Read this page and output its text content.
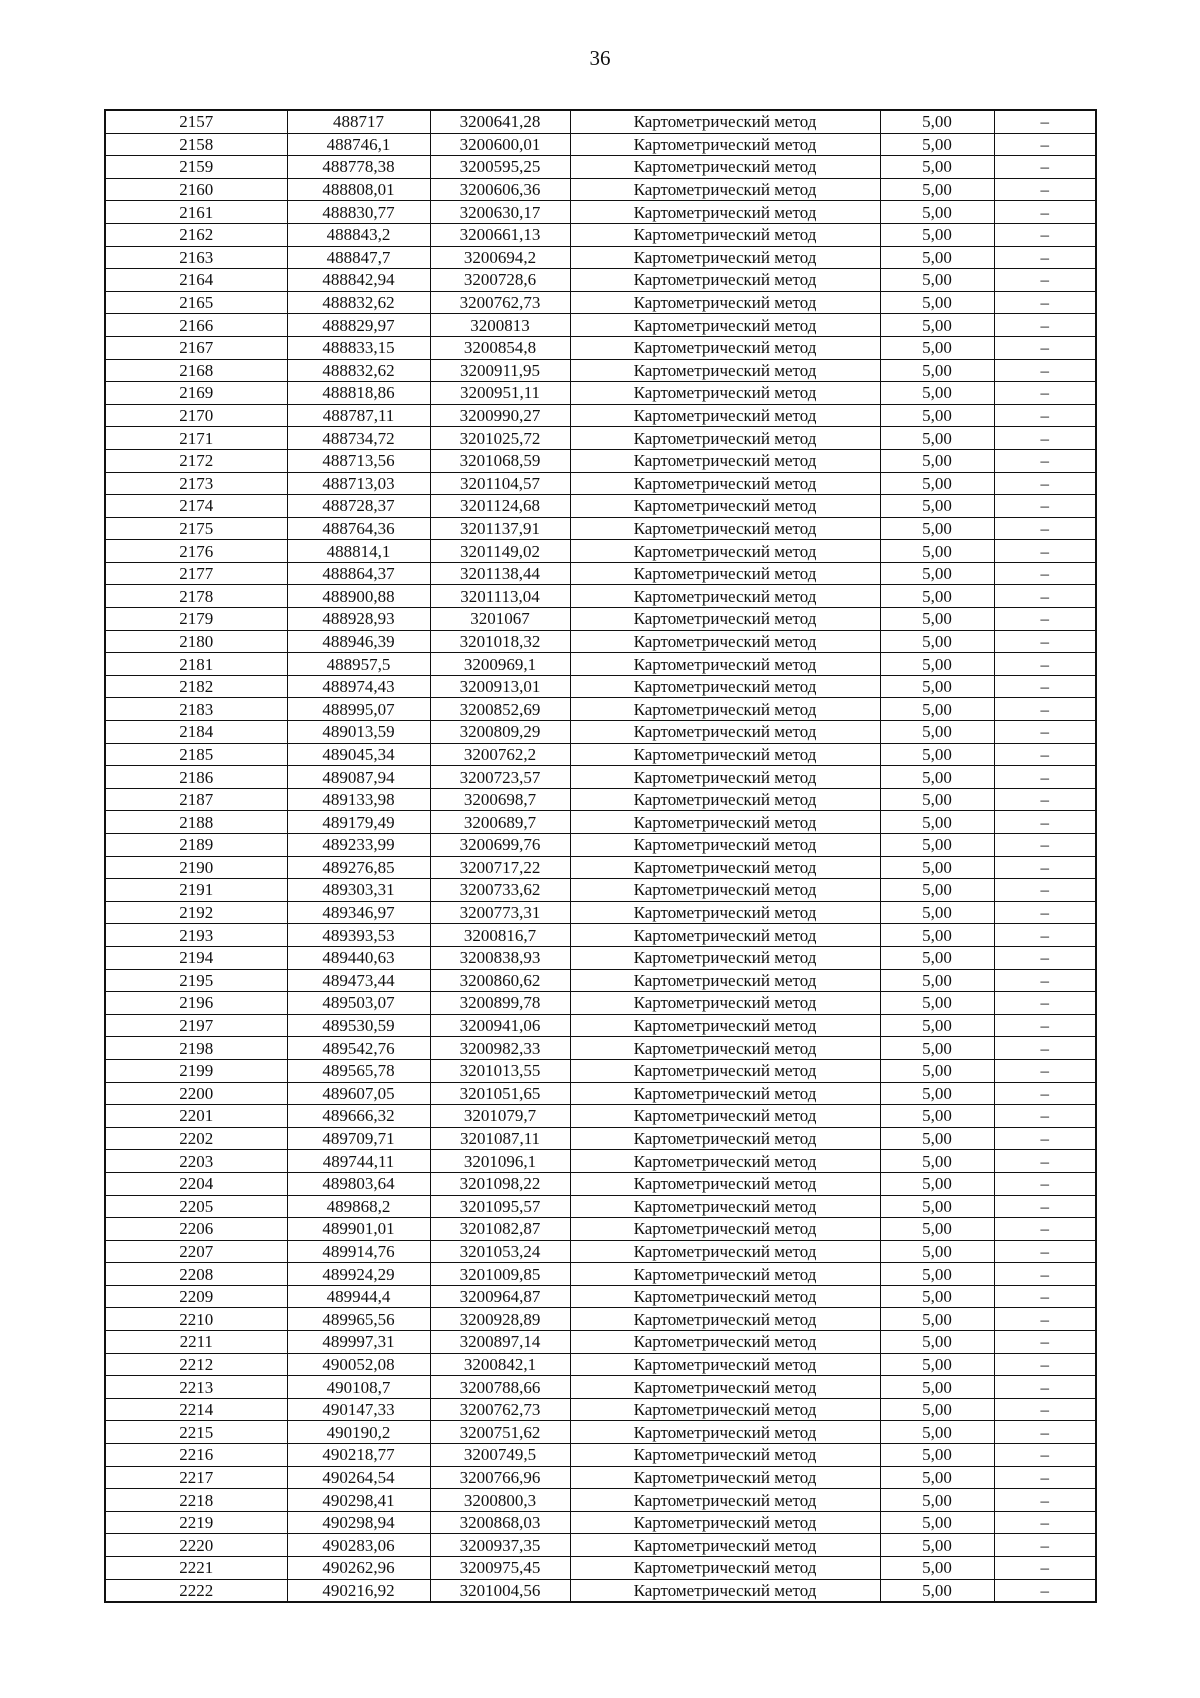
36
2157	488717	3200641,28	Картометрический метод	5,00	–
2158	488746,1	3200600,01	Картометрический метод	5,00	–
2159	488778,38	3200595,25	Картометрический метод	5,00	–
2160	488808,01	3200606,36	Картометрический метод	5,00	–
2161	488830,77	3200630,17	Картометрический метод	5,00	–
2162	488843,2	3200661,13	Картометрический метод	5,00	–
2163	488847,7	3200694,2	Картометрический метод	5,00	–
2164	488842,94	3200728,6	Картометрический метод	5,00	–
2165	488832,62	3200762,73	Картометрический метод	5,00	–
2166	488829,97	3200813	Картометрический метод	5,00	–
2167	488833,15	3200854,8	Картометрический метод	5,00	–
2168	488832,62	3200911,95	Картометрический метод	5,00	–
2169	488818,86	3200951,11	Картометрический метод	5,00	–
2170	488787,11	3200990,27	Картометрический метод	5,00	–
2171	488734,72	3201025,72	Картометрический метод	5,00	–
2172	488713,56	3201068,59	Картометрический метод	5,00	–
2173	488713,03	3201104,57	Картометрический метод	5,00	–
2174	488728,37	3201124,68	Картометрический метод	5,00	–
2175	488764,36	3201137,91	Картометрический метод	5,00	–
2176	488814,1	3201149,02	Картометрический метод	5,00	–
2177	488864,37	3201138,44	Картометрический метод	5,00	–
2178	488900,88	3201113,04	Картометрический метод	5,00	–
2179	488928,93	3201067	Картометрический метод	5,00	–
2180	488946,39	3201018,32	Картометрический метод	5,00	–
2181	488957,5	3200969,1	Картометрический метод	5,00	–
2182	488974,43	3200913,01	Картометрический метод	5,00	–
2183	488995,07	3200852,69	Картометрический метод	5,00	–
2184	489013,59	3200809,29	Картометрический метод	5,00	–
2185	489045,34	3200762,2	Картометрический метод	5,00	–
2186	489087,94	3200723,57	Картометрический метод	5,00	–
2187	489133,98	3200698,7	Картометрический метод	5,00	–
2188	489179,49	3200689,7	Картометрический метод	5,00	–
2189	489233,99	3200699,76	Картометрический метод	5,00	–
2190	489276,85	3200717,22	Картометрический метод	5,00	–
2191	489303,31	3200733,62	Картометрический метод	5,00	–
2192	489346,97	3200773,31	Картометрический метод	5,00	–
2193	489393,53	3200816,7	Картометрический метод	5,00	–
2194	489440,63	3200838,93	Картометрический метод	5,00	–
2195	489473,44	3200860,62	Картометрический метод	5,00	–
2196	489503,07	3200899,78	Картометрический метод	5,00	–
2197	489530,59	3200941,06	Картометрический метод	5,00	–
2198	489542,76	3200982,33	Картометрический метод	5,00	–
2199	489565,78	3201013,55	Картометрический метод	5,00	–
2200	489607,05	3201051,65	Картометрический метод	5,00	–
2201	489666,32	3201079,7	Картометрический метод	5,00	–
2202	489709,71	3201087,11	Картометрический метод	5,00	–
2203	489744,11	3201096,1	Картометрический метод	5,00	–
2204	489803,64	3201098,22	Картометрический метод	5,00	–
2205	489868,2	3201095,57	Картометрический метод	5,00	–
2206	489901,01	3201082,87	Картометрический метод	5,00	–
2207	489914,76	3201053,24	Картометрический метод	5,00	–
2208	489924,29	3201009,85	Картометрический метод	5,00	–
2209	489944,4	3200964,87	Картометрический метод	5,00	–
2210	489965,56	3200928,89	Картометрический метод	5,00	–
2211	489997,31	3200897,14	Картометрический метод	5,00	–
2212	490052,08	3200842,1	Картометрический метод	5,00	–
2213	490108,7	3200788,66	Картометрический метод	5,00	–
2214	490147,33	3200762,73	Картометрический метод	5,00	–
2215	490190,2	3200751,62	Картометрический метод	5,00	–
2216	490218,77	3200749,5	Картометрический метод	5,00	–
2217	490264,54	3200766,96	Картометрический метод	5,00	–
2218	490298,41	3200800,3	Картометрический метод	5,00	–
2219	490298,94	3200868,03	Картометрический метод	5,00	–
2220	490283,06	3200937,35	Картометрический метод	5,00	–
2221	490262,96	3200975,45	Картометрический метод	5,00	–
2222	490216,92	3201004,56	Картометрический метод	5,00	–
